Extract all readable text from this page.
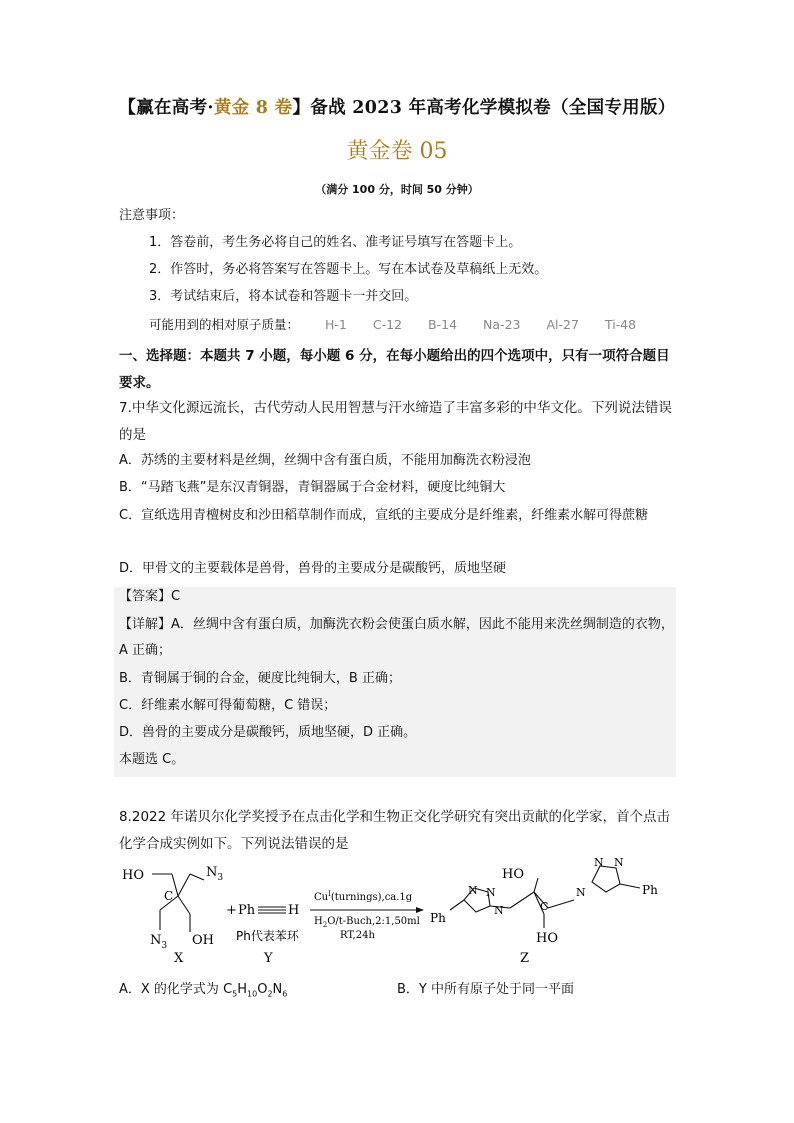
【赢在高考·黄金 8 卷】备战 2023 年高考化学模拟卷（全国专用版）
黄金卷 05
（满分 100 分，时间 50 分钟）
注意事项：
1．答卷前，考生务必将自己的姓名、准考证号填写在答题卡上。
2．作答时，务必将答案写在答题卡上。写在本试卷及草稿纸上无效。
3．考试结束后，将本试卷和答题卡一并交回。
可能用到的相对原子质量： H-1 C-12 B-14 Na-23 Al-27 Ti-48
一、选择题：本题共 7 小题，每小题 6 分，在每小题给出的四个选项中，只有一项符合题目要求。
7.中华文化源远流长，古代劳动人民用智慧与汗水缔造了丰富多彩的中华文化。下列说法错误的是
A．苏绣的主要材料是丝绸，丝绸中含有蛋白质，不能用加酶洗衣粉浸泡
B．“马踏飞燕”是东汉青铜器，青铜器属于合金材料，硬度比纯铜大
C．宣纸选用青檀树皮和沙田稻草制作而成，宣纸的主要成分是纤维素，纤维素水解可得蔗糖
D．甲骨文的主要载体是兽骨，兽骨的主要成分是碳酸钙，质地坚硬
【答案】C
【详解】A．丝绸中含有蛋白质，加酶洗衣粉会使蛋白质水解，因此不能用来洗丝绸制造的衣物，A 正确；
B．青铜属于铜的合金，硬度比纯铜大，B 正确；
C．纤维素水解可得葡萄糖，C 错误；
D．兽骨的主要成分是碳酸钙，质地坚硬，D 正确。
本题选 C。
8.2022 年诺贝尔化学奖授予在点击化学和生物正交化学研究有突出贡献的化学家，首个点击化学合成实例如下。下列说法错误的是
HO	$N_3$
C
$N_3$ OH
X
+ Ph	H
Ph代表苯环
Y
$Cu^I(turnings),ca.1g$
$H_2O/t-Buch,2:1,50ml$
RT,24h
Ph
N N
N
HO
C
HO
N
N N
Ph
Z
A．X 的化学式为 $C_5H_{10}O_2N_6$	B．Y 中所有原子处于同一平面
